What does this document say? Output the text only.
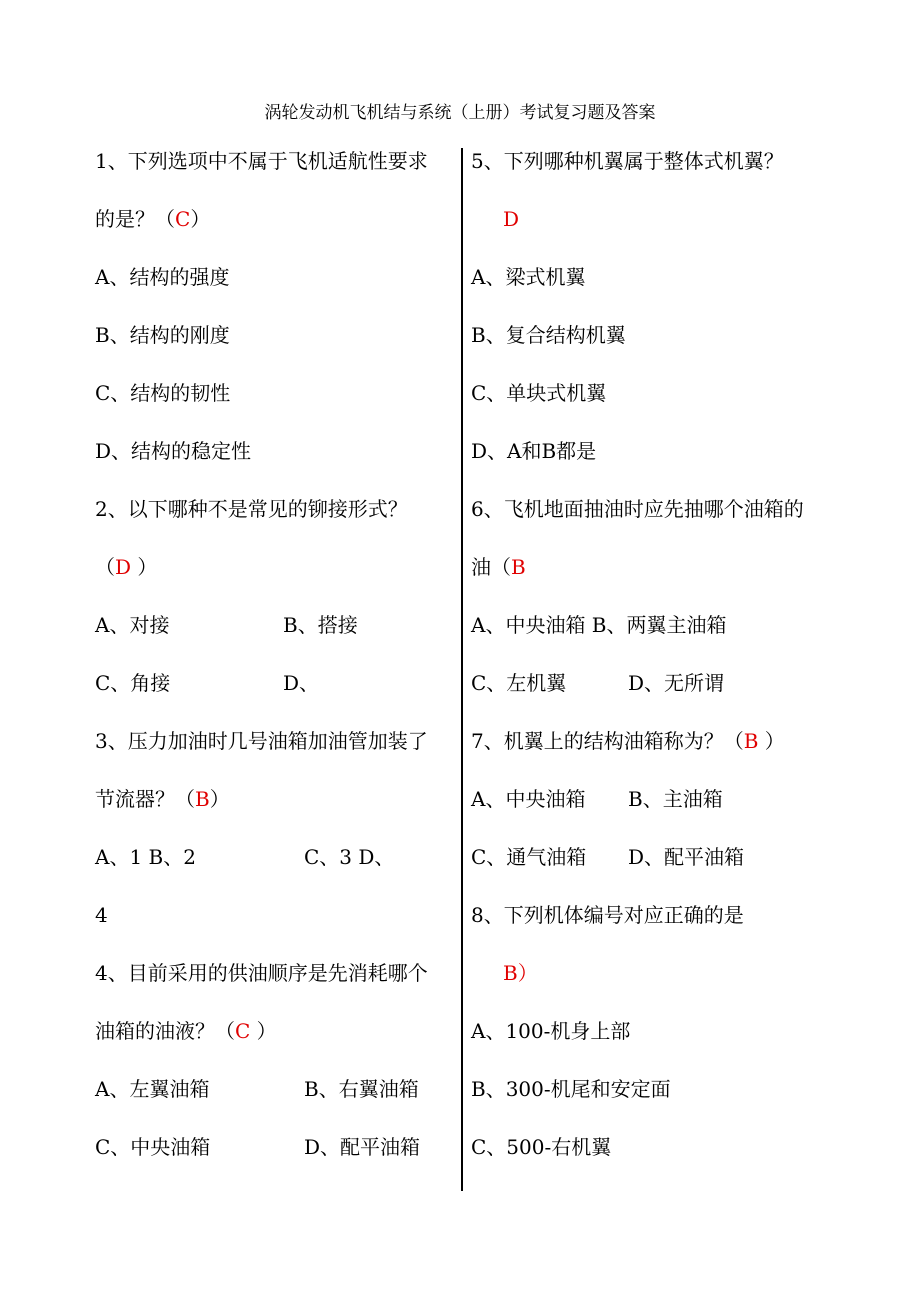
涡轮发动机飞机结与系统（上册）考试复习题及答案
1、下列选项中不属于飞机适航性要求
的是？（C）
A、结构的强度
B、结构的刚度
C、结构的韧性
D、结构的稳定性
2、以下哪种不是常见的铆接形式？
（D ）
A、对接	B、搭接
C、角接	D、
3、压力加油时几号油箱加油管加装了
节流器？（B）
A、1 B、2	C、3 D、
4
4、目前采用的供油顺序是先消耗哪个
油箱的油液？（C ）
A、左翼油箱	B、右翼油箱
C、中央油箱	D、配平油箱
5、下列哪种机翼属于整体式机翼？
D
A、梁式机翼
B、复合结构机翼
C、单块式机翼
D、A和B都是
6、飞机地面抽油时应先抽哪个油箱的
油（B
A、中央油箱 B、两翼主油箱
C、左机翼	D、无所谓
7、机翼上的结构油箱称为？（B ）
A、中央油箱 B、主油箱
C、通气油箱 D、配平油箱
8、下列机体编号对应正确的是
B）
A、100-机身上部
B、300-机尾和安定面
C、500-右机翼
